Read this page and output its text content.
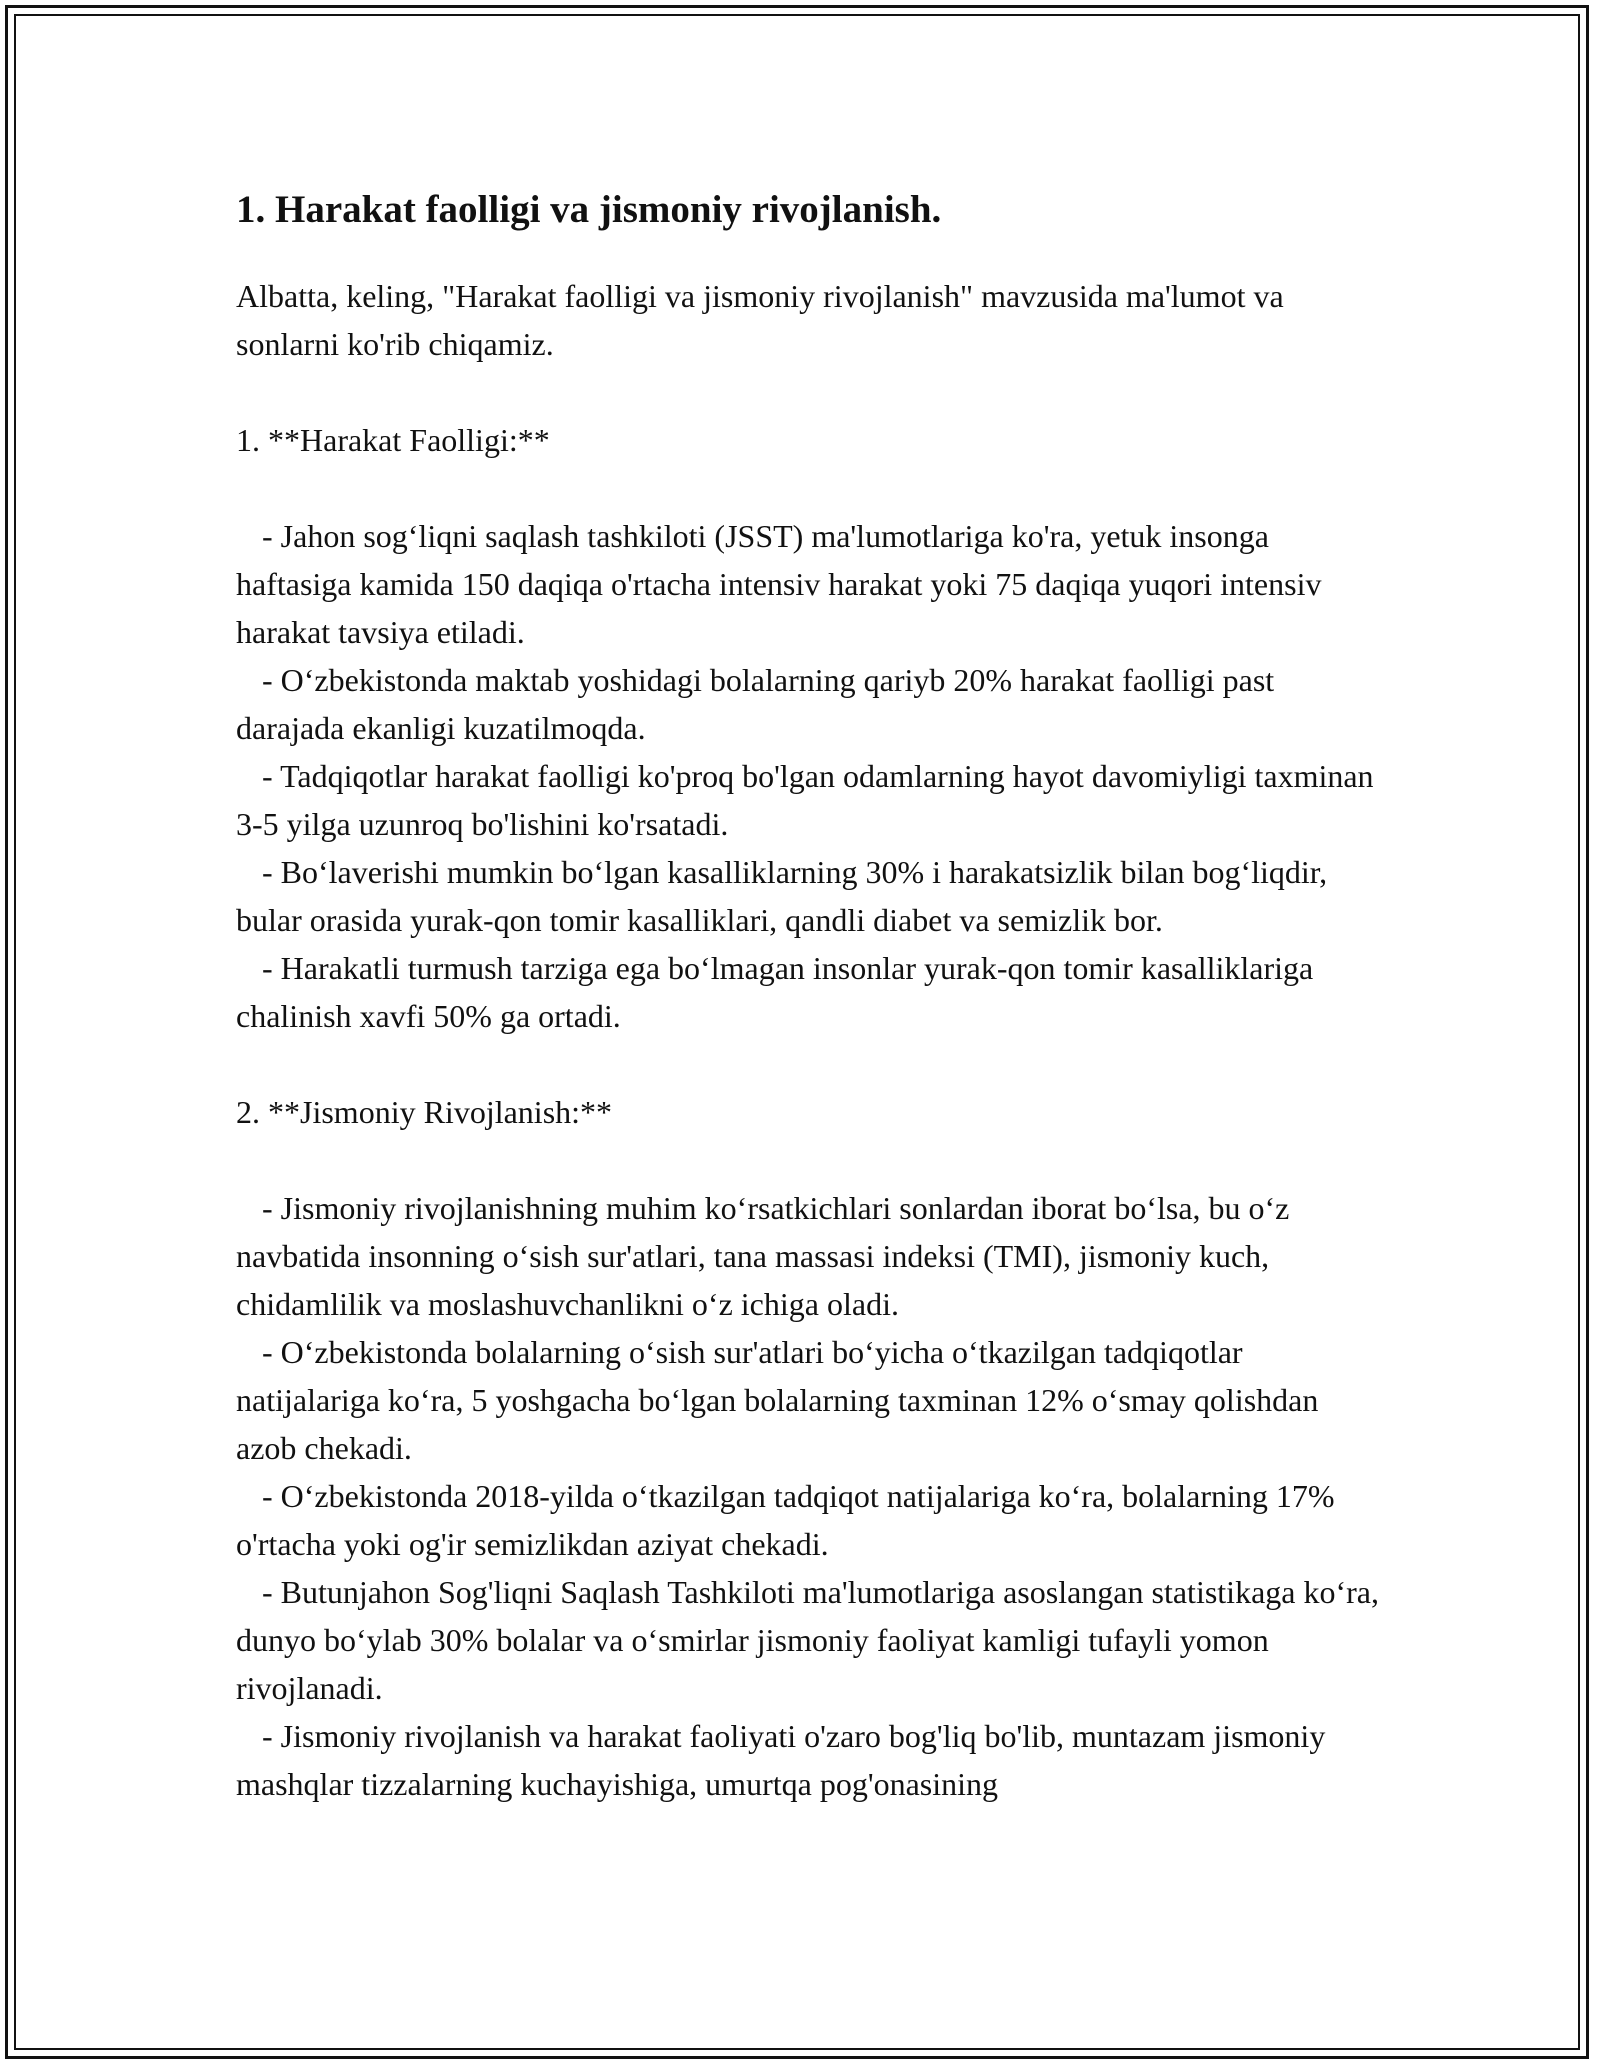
1. Harakat faolligi va jismoniy rivojlanish.

Albatta, keling, "Harakat faolligi va jismoniy rivojlanish" mavzusida ma'lumot va sonlarni ko'rib chiqamiz.

1. **Harakat Faolligi:**

- Jahon sogʻliqni saqlash tashkiloti (JSST) ma'lumotlariga ko'ra, yetuk insonga haftasiga kamida 150 daqiqa o'rtacha intensiv harakat yoki 75 daqiqa yuqori intensiv harakat tavsiya etiladi.

- Oʻzbekistonda maktab yoshidagi bolalarning qariyb 20% harakat faolligi past darajada ekanligi kuzatilmoqda.

- Tadqiqotlar harakat faolligi ko'proq bo'lgan odamlarning hayot davomiyligi taxminan 3-5 yilga uzunroq bo'lishini ko'rsatadi.

- Boʻlaverishi mumkin boʻlgan kasalliklarning 30% i harakatsizlik bilan bogʻliqdir, bular orasida yurak-qon tomir kasalliklari, qandli diabet va semizlik bor.

- Harakatli turmush tarziga ega boʻlmagan insonlar yurak-qon tomir kasalliklariga chalinish xavfi 50% ga ortadi.

2. **Jismoniy Rivojlanish:**

- Jismoniy rivojlanishning muhim koʻrsatkichlari sonlardan iborat boʻlsa, bu oʻz navbatida insonning oʻsish sur'atlari, tana massasi indeksi (TMI), jismoniy kuch, chidamlilik va moslashuvchanlikni oʻz ichiga oladi.

- Oʻzbekistonda bolalarning oʻsish sur'atlari boʻyicha oʻtkazilgan tadqiqotlar natijalariga koʻra, 5 yoshgacha boʻlgan bolalarning taxminan 12% oʻsmay qolishdan azob chekadi.

- Oʻzbekistonda 2018-yilda oʻtkazilgan tadqiqot natijalariga koʻra, bolalarning 17% o'rtacha yoki og'ir semizlikdan aziyat chekadi.

- Butunjahon Sog'liqni Saqlash Tashkiloti ma'lumotlariga asoslangan statistikaga koʻra, dunyo boʻylab 30% bolalar va oʻsmirlar jismoniy faoliyat kamligi tufayli yomon rivojlanadi.

- Jismoniy rivojlanish va harakat faoliyati o'zaro bog'liq bo'lib, muntazam jismoniy mashqlar tizzalarning kuchayishiga, umurtqa pog'onasining
